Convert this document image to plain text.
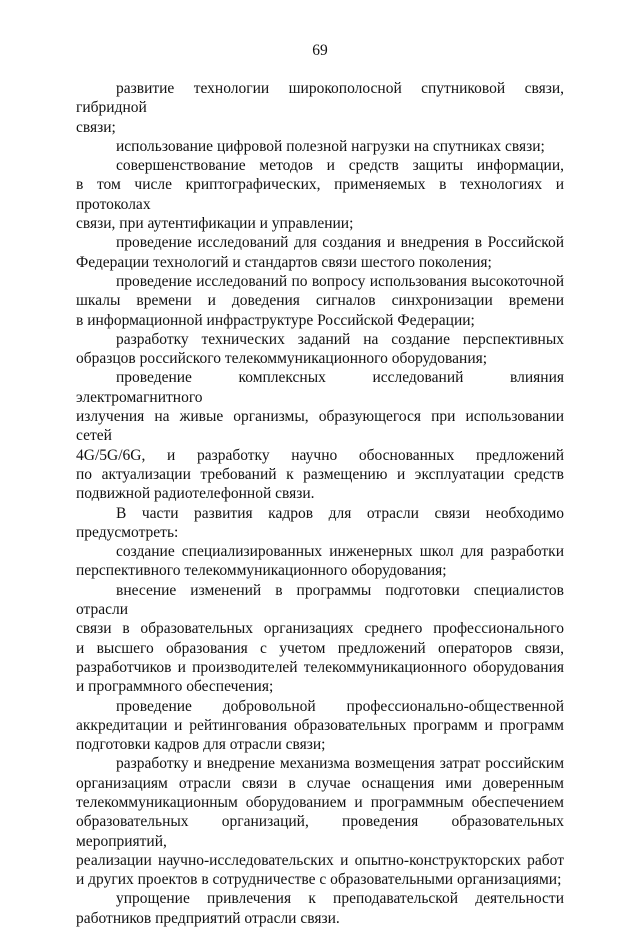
69
развитие технологии широкополосной спутниковой связи, гибридной
связи;
использование цифровой полезной нагрузки на спутниках связи;
совершенствование методов и средств защиты информации,
в том числе криптографических, применяемых в технологиях и протоколах
связи, при аутентификации и управлении;
проведение исследований для создания и внедрения в Российской
Федерации технологий и стандартов связи шестого поколения;
проведение исследований по вопросу использования высокоточной
шкалы времени и доведения сигналов синхронизации времени
в информационной инфраструктуре Российской Федерации;
разработку технических заданий на создание перспективных
образцов российского телекоммуникационного оборудования;
проведение комплексных исследований влияния электромагнитного
излучения на живые организмы, образующегося при использовании сетей
4G/5G/6G, и разработку научно обоснованных предложений
по актуализации требований к размещению и эксплуатации средств
подвижной радиотелефонной связи.
В части развития кадров для отрасли связи необходимо
предусмотреть:
создание специализированных инженерных школ для разработки
перспективного телекоммуникационного оборудования;
внесение изменений в программы подготовки специалистов отрасли
связи в образовательных организациях среднего профессионального
и высшего образования с учетом предложений операторов связи,
разработчиков и производителей телекоммуникационного оборудования
и программного обеспечения;
проведение добровольной профессионально-общественной
аккредитации и рейтингования образовательных программ и программ
подготовки кадров для отрасли связи;
разработку и внедрение механизма возмещения затрат российским
организациям отрасли связи в случае оснащения ими доверенным
телекоммуникационным оборудованием и программным обеспечением
образовательных организаций, проведения образовательных мероприятий,
реализации научно-исследовательских и опытно-конструкторских работ
и других проектов в сотрудничестве с образовательными организациями;
упрощение привлечения к преподавательской деятельности
работников предприятий отрасли связи.
